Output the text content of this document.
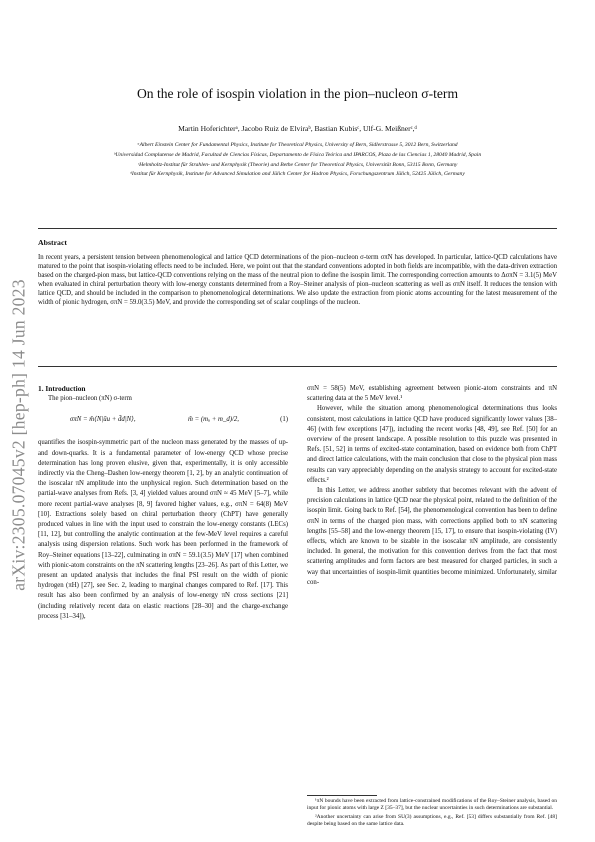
arXiv:2305.07045v2 [hep-ph] 14 Jun 2023
On the role of isospin violation in the pion–nucleon σ-term
Martin Hoferichterᵃ, Jacobo Ruiz de Elviraᵇ, Bastian Kubisᶜ, Ulf-G. Meißnerᶜ,ᵈ
ᵃAlbert Einstein Center for Fundamental Physics, Institute for Theoretical Physics, University of Bern, Sidlerstrasse 5, 3012 Bern, Switzerland
ᵇUniversidad Complutense de Madrid, Facultad de Ciencias Físicas, Departamento de Física Teórica and IPARCOS, Plaza de las Ciencias 1, 28040 Madrid, Spain
ᶜHelmholtz-Institut für Strahlen- und Kernphysik (Theorie) and Bethe Center for Theoretical Physics, Universität Bonn, 53115 Bonn, Germany
ᵈInstitut für Kernphysik, Institute for Advanced Simulation and Jülich Center for Hadron Physics, Forschungszentrum Jülich, 52425 Jülich, Germany
Abstract
In recent years, a persistent tension between phenomenological and lattice QCD determinations of the pion–nucleon σ-term σπN has developed. In particular, lattice-QCD calculations have matured to the point that isospin-violating effects need to be included. Here, we point out that the standard conventions adopted in both fields are incompatible, with the data-driven extraction based on the charged-pion mass, but lattice-QCD conventions relying on the mass of the neutral pion to define the isospin limit. The corresponding correction amounts to ΔσπN = 3.1(5) MeV when evaluated in chiral perturbation theory with low-energy constants determined from a Roy–Steiner analysis of pion–nucleon scattering as well as σπN itself. It reduces the tension with lattice QCD, and should be included in the comparison to phenomenological determinations. We also update the extraction from pionic atoms accounting for the latest measurement of the width of pionic hydrogen, σπN = 59.0(3.5) MeV, and provide the corresponding set of scalar couplings of the nucleon.

1. Introduction

The pion–nucleon (πN) σ-term

σπN = m̂⟨N|ūu + d̄d|N⟩,	m̂ = (mᵤ + m_d)/2,	(1)

quantifies the isospin-symmetric part of the nucleon mass generated by the masses of up- and down-quarks. It is a fundamental parameter of low-energy QCD whose precise determination has long proven elusive, given that, experimentally, it is only accessible indirectly via the Cheng–Dashen low-energy theorem [1, 2], by an analytic continuation of the isoscalar πN amplitude into the unphysical region. Such determination based on the partial-wave analyses from Refs. [3, 4] yielded values around σπN ≈ 45 MeV [5–7], while more recent partial-wave analyses [8, 9] favored higher values, e.g., σπN = 64(8) MeV [10]. Extractions solely based on chiral perturbation theory (ChPT) have generally produced values in line with the input used to constrain the low-energy constants (LECs) [11, 12], but controlling the analytic continuation at the few-MeV level requires a careful analysis using dispersion relations. Such work has been performed in the framework of Roy–Steiner equations [13–22], culminating in σπN = 59.1(3.5) MeV [17] when combined with pionic-atom constraints on the πN scattering lengths [23–26]. As part of this Letter, we present an updated analysis that includes the final PSI result on the width of pionic hydrogen (πH) [27], see Sec. 2, leading to marginal changes compared to Ref. [17]. This result has also been confirmed by an analysis of low-energy πN cross sections [21] (including relatively recent data on elastic reactions [28–30] and the charge-exchange process [31–34]),

σπN = 58(5) MeV, establishing agreement between pionic-atom constraints and πN scattering data at the 5 MeV level.¹

However, while the situation among phenomenological determinations thus looks consistent, most calculations in lattice QCD have produced significantly lower values [38–46] (with few exceptions [47]), including the recent works [48, 49], see Ref. [50] for an overview of the present landscape. A possible resolution to this puzzle was presented in Refs. [51, 52] in terms of excited-state contamination, based on evidence both from ChPT and direct lattice calculations, with the main conclusion that close to the physical pion mass results can vary appreciably depending on the analysis strategy to account for excited-state effects.²

In this Letter, we address another subtlety that becomes relevant with the advent of precision calculations in lattice QCD near the physical point, related to the definition of the isospin limit. Going back to Ref. [54], the phenomenological convention has been to define σπN in terms of the charged pion mass, with corrections applied both to πN scattering lengths [55–58] and the low-energy theorem [15, 17], to ensure that isospin-violating (IV) effects, which are known to be sizable in the isoscalar πN amplitude, are consistently included. In general, the motivation for this convention derives from the fact that most scattering amplitudes and form factors are best measured for charged particles, in such a way that uncertainties of isospin-limit quantities become minimized. Unfortunately, similar con-

¹πN bounds have been extracted from lattice-constrained modifications of the Roy–Steiner analysis, based on input for pionic atoms with large Z [35–37], but the nuclear uncertainties in such determinations are substantial.

²Another uncertainty can arise from SU(3) assumptions, e.g., Ref. [53] differs substantially from Ref. [48] despite being based on the same lattice data.
